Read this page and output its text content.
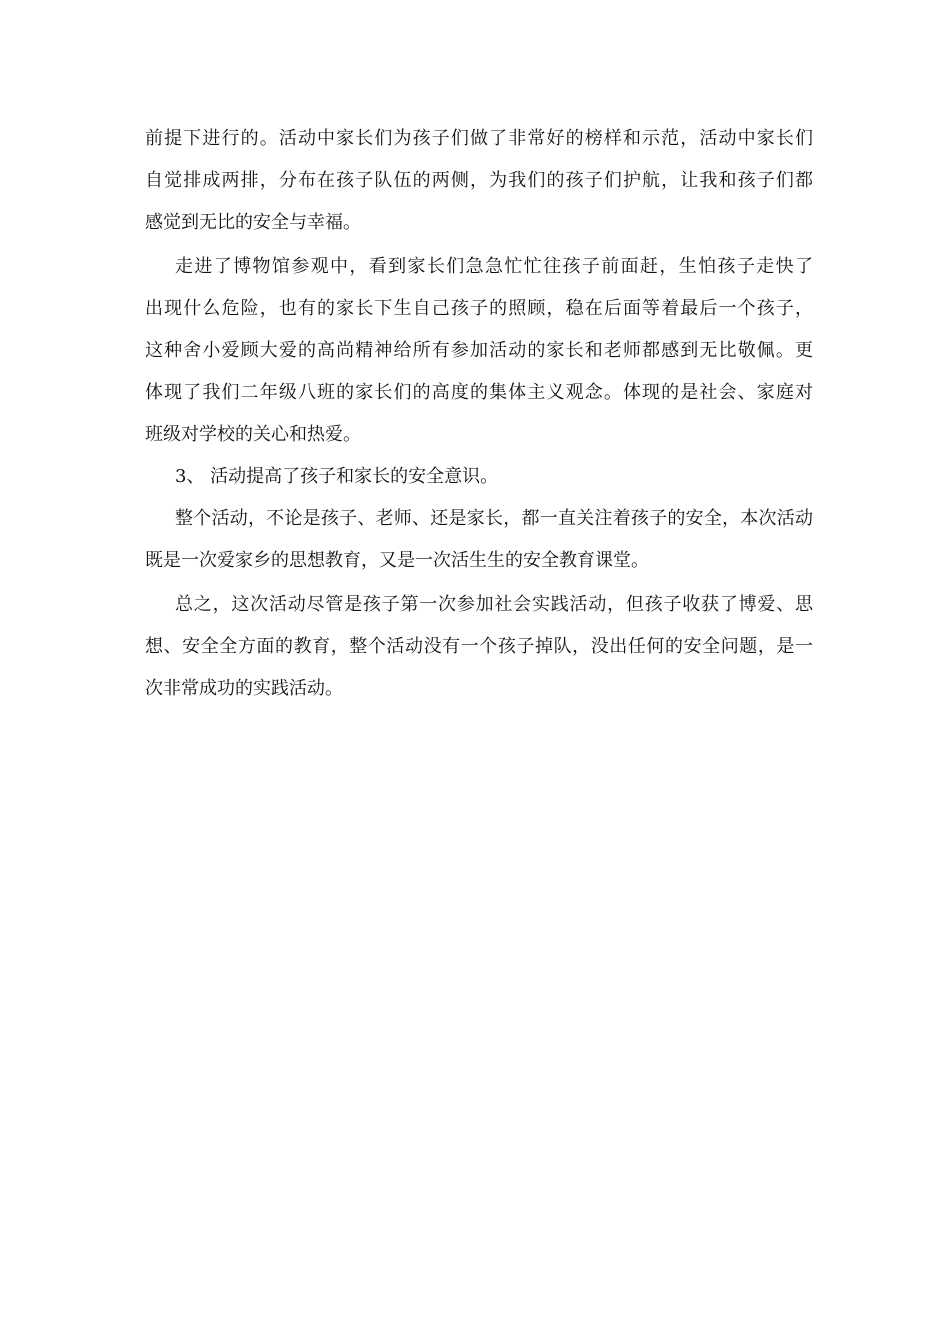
前提下进行的。活动中家长们为孩子们做了非常好的榜样和示范，活动中家长们
自觉排成两排，分布在孩子队伍的两侧，为我们的孩子们护航，让我和孩子们都
感觉到无比的安全与幸福。
走进了博物馆参观中，看到家长们急急忙忙往孩子前面赶，生怕孩子走快了
出现什么危险，也有的家长下生自己孩子的照顾，稳在后面等着最后一个孩子，
这种舍小爱顾大爱的高尚精神给所有参加活动的家长和老师都感到无比敬佩。更
体现了我们二年级八班的家长们的高度的集体主义观念。体现的是社会、家庭对
班级对学校的关心和热爱。
3、 活动提高了孩子和家长的安全意识。
整个活动，不论是孩子、老师、还是家长，都一直关注着孩子的安全，本次活动
既是一次爱家乡的思想教育，又是一次活生生的安全教育课堂。
总之，这次活动尽管是孩子第一次参加社会实践活动，但孩子收获了博爱、思
想、安全全方面的教育，整个活动没有一个孩子掉队，没出任何的安全问题，是一
次非常成功的实践活动。
